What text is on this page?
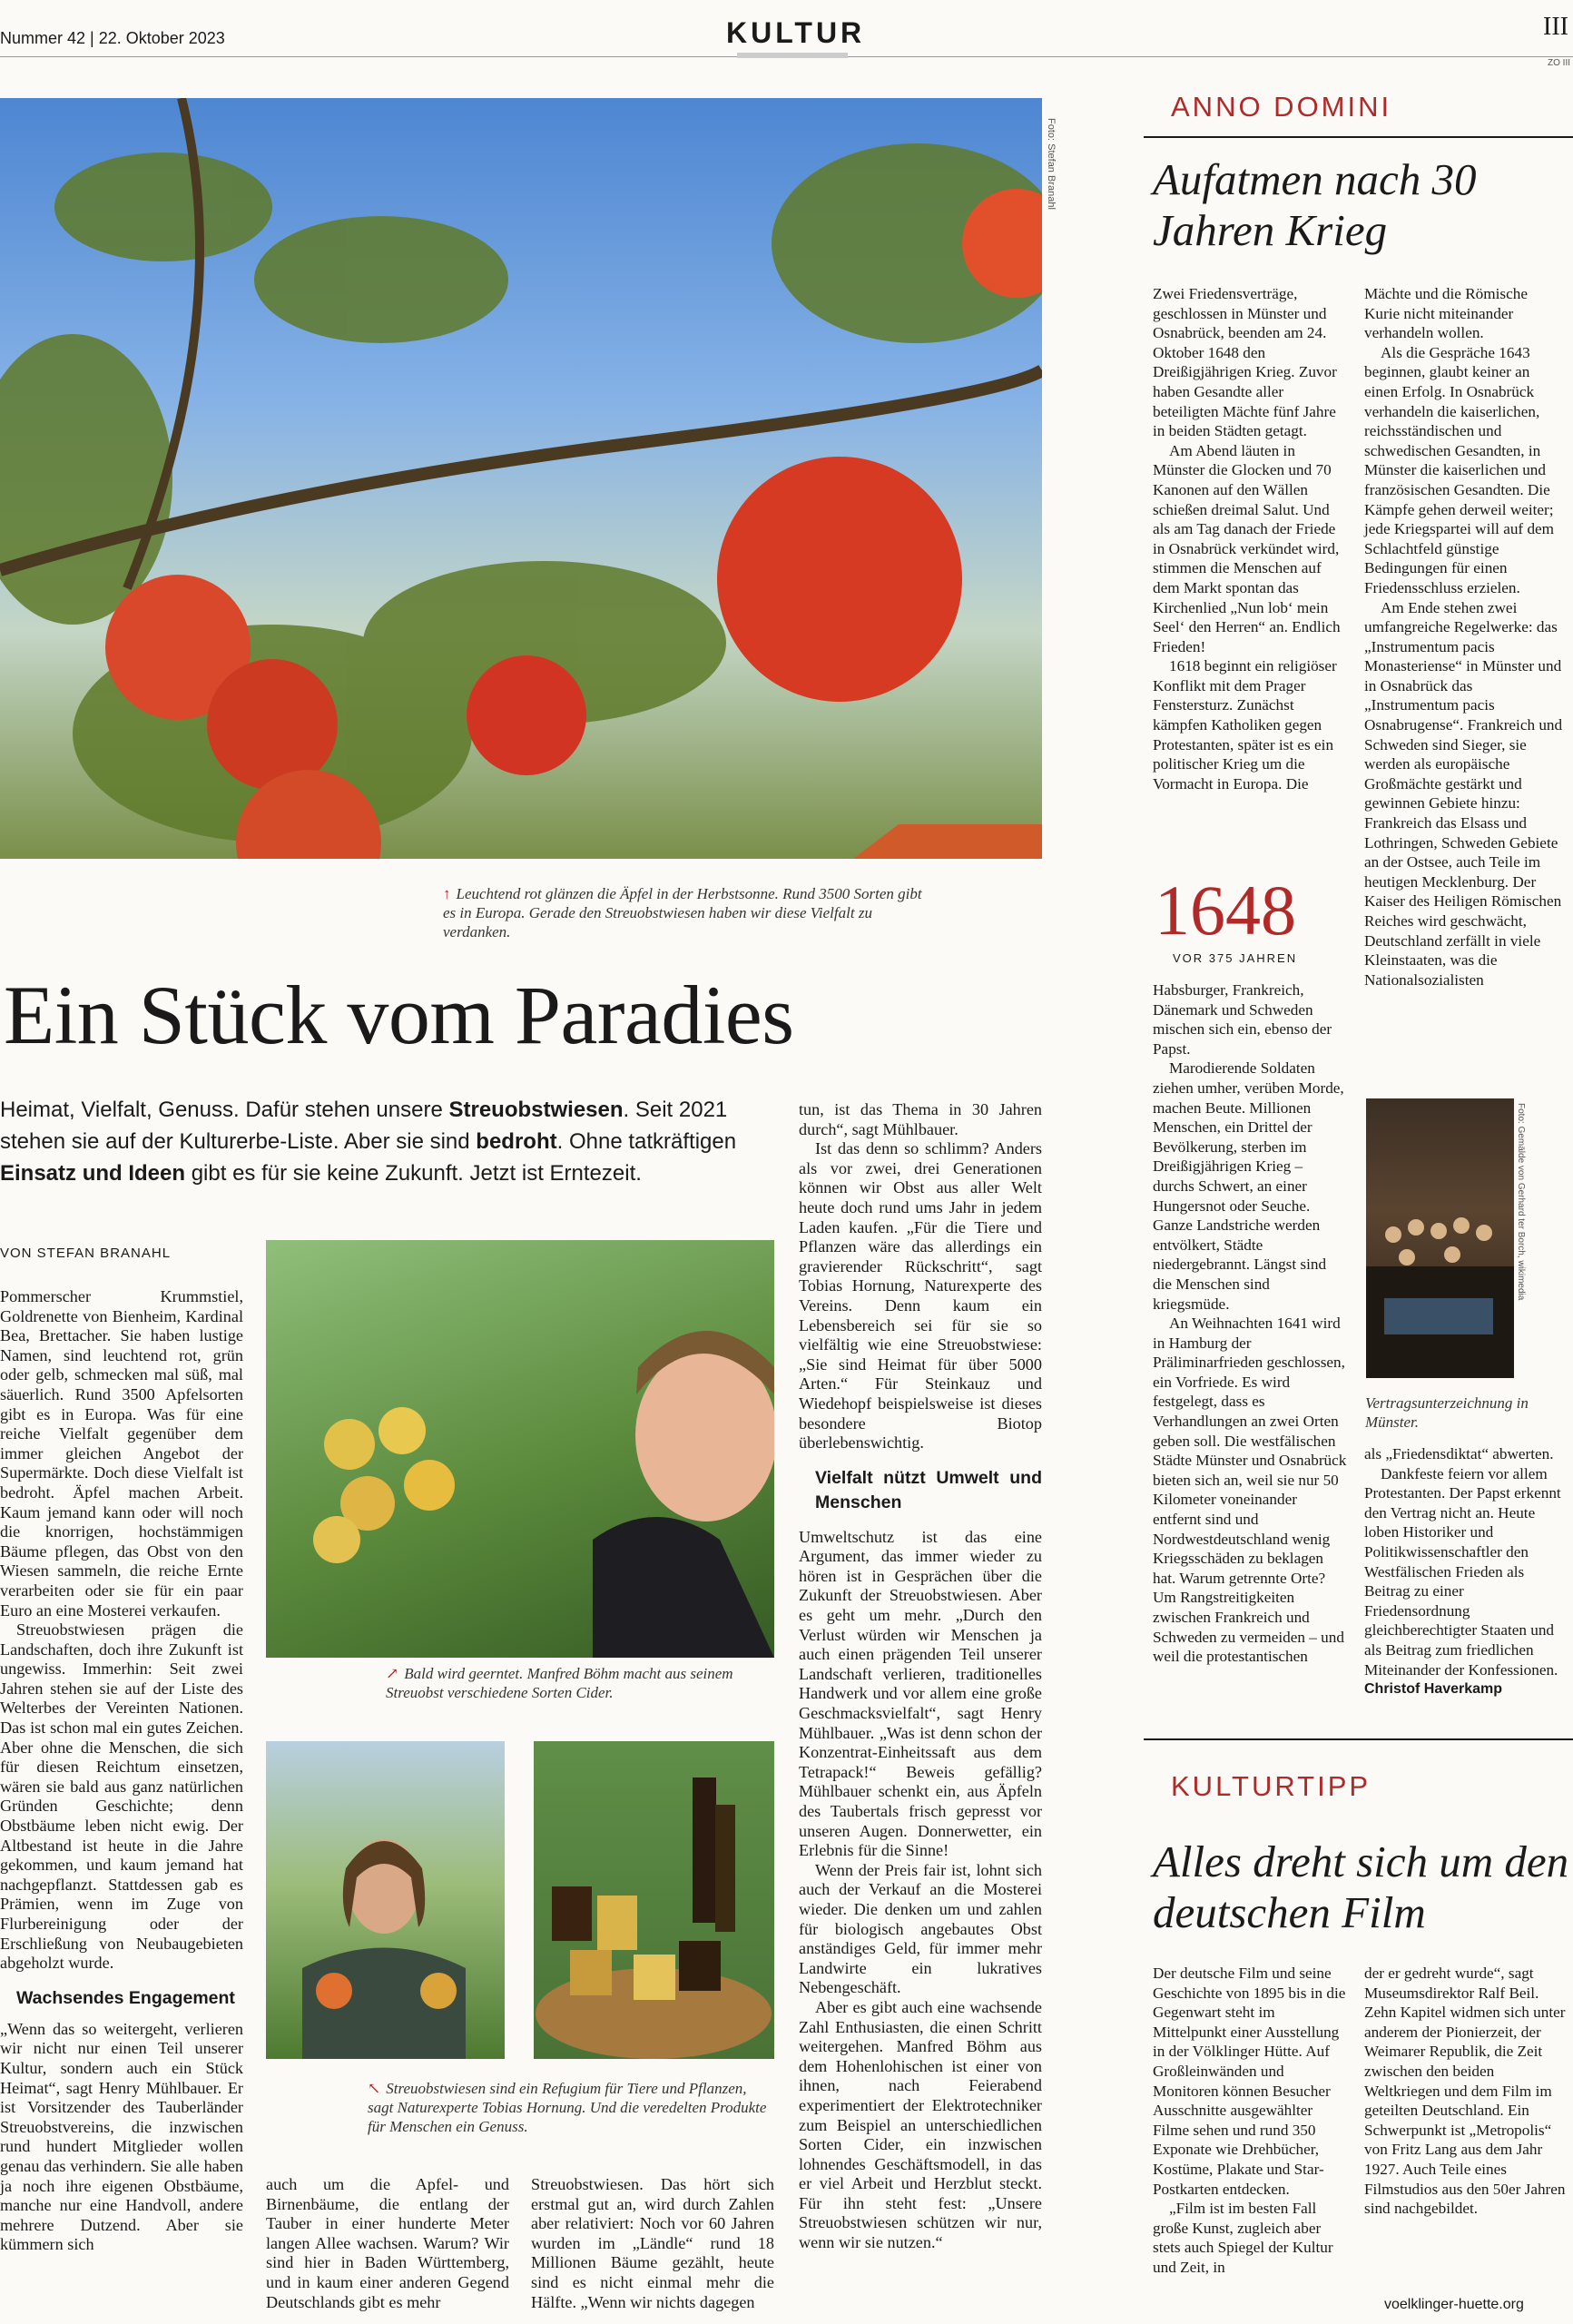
Nummer 42 | 22. Oktober 2023	KULTUR	III
ZO III
Foto: Stefan Branahl
↑ Leuchtend rot glänzen die Äpfel in der Herbstsonne. Rund 3500 Sorten gibt es in Europa. Gerade den Streuobstwiesen haben wir diese Vielfalt zu verdanken.
Ein Stück vom Paradies
Heimat, Vielfalt, Genuss. Dafür stehen unsere Streuobstwiesen. Seit 2021 stehen sie auf der Kulturerbe-Liste. Aber sie sind bedroht. Ohne tatkräftigen Einsatz und Ideen gibt es für sie keine Zukunft. Jetzt ist Erntezeit.
VON STEFAN BRANAHL

Pommerscher Krummstiel, Goldrenette von Bienheim, Kardinal Bea, Brettacher. Sie haben lustige Namen, sind leuchtend rot, grün oder gelb, schmecken mal süß, mal säuerlich. Rund 3500 Apfelsorten gibt es in Europa. Was für eine reiche Vielfalt gegenüber dem immer gleichen Angebot der Supermärkte. Doch diese Vielfalt ist bedroht. Äpfel machen Arbeit. Kaum jemand kann oder will noch die knorrigen, hochstämmigen Bäume pflegen, das Obst von den Wiesen sammeln, die reiche Ernte verarbeiten oder sie für ein paar Euro an eine Mosterei verkaufen.

Streuobstwiesen prägen die Landschaften, doch ihre Zukunft ist ungewiss. Immerhin: Seit zwei Jahren stehen sie auf der Liste des Welterbes der Vereinten Nationen. Das ist schon mal ein gutes Zeichen. Aber ohne die Menschen, die sich für diesen Reichtum einsetzen, wären sie bald aus ganz natürlichen Gründen Geschichte; denn Obstbäume leben nicht ewig. Der Altbestand ist heute in die Jahre gekommen, und kaum jemand hat nachgepflanzt. Stattdessen gab es Prämien, wenn im Zuge von Flurbereinigung oder der Erschließung von Neubaugebieten abgeholzt wurde.

Wachsendes Engagement

„Wenn das so weitergeht, verlieren wir nicht nur einen Teil unserer Kultur, sondern auch ein Stück Heimat“, sagt Henry Mühlbauer. Er ist Vorsitzender des Tauberländer Streuobstvereins, die inzwischen rund hundert Mitglieder wollen genau das verhindern. Sie alle haben ja noch ihre eigenen Obstbäume, manche nur eine Handvoll, andere mehrere Dutzend. Aber sie kümmern sich

↗ Bald wird geerntet. Manfred Böhm macht aus seinem Streuobst verschiedene Sorten Cider.
↖ Streuobstwiesen sind ein Refugium für Tiere und Pflanzen, sagt Naturexperte Tobias Hornung. Und die veredelten Produkte für Menschen ein Genuss.

auch um die Apfel- und Birnenbäume, die entlang der Tauber in einer hunderte Meter langen Allee wachsen. Warum? Wir sind hier in Baden Württemberg, und in kaum einer anderen Gegend Deutschlands gibt es mehr

Streuobstwiesen. Das hört sich erstmal gut an, wird durch Zahlen aber relativiert: Noch vor 60 Jahren wurden im „Ländle“ rund 18 Millionen Bäume gezählt, heute sind es nicht einmal mehr die Hälfte. „Wenn wir nichts dagegen

tun, ist das Thema in 30 Jahren durch“, sagt Mühlbauer.

Ist das denn so schlimm? Anders als vor zwei, drei Generationen können wir Obst aus aller Welt heute doch rund ums Jahr in jedem Laden kaufen. „Für die Tiere und Pflanzen wäre das allerdings ein gravierender Rückschritt“, sagt Tobias Hornung, Naturexperte des Vereins. Denn kaum ein Lebensbereich sei für sie so vielfältig wie eine Streuobstwiese: „Sie sind Heimat für über 5000 Arten.“ Für Steinkauz und Wiedehopf beispielsweise ist dieses besondere Biotop überlebenswichtig.

Vielfalt nützt Umwelt und Menschen

Umweltschutz ist das eine Argument, das immer wieder zu hören ist in Gesprächen über die Zukunft der Streuobstwiesen. Aber es geht um mehr. „Durch den Verlust würden wir Menschen ja auch einen prägenden Teil unserer Landschaft verlieren, traditionelles Handwerk und vor allem eine große Geschmacksvielfalt“, sagt Henry Mühlbauer. „Was ist denn schon der Konzentrat-Einheitssaft aus dem Tetrapack!“ Beweis gefällig? Mühlbauer schenkt ein, aus Äpfeln des Taubertals frisch gepresst vor unseren Augen. Donnerwetter, ein Erlebnis für die Sinne!

Wenn der Preis fair ist, lohnt sich auch der Verkauf an die Mosterei wieder. Die denken um und zahlen für biologisch angebautes Obst anständiges Geld, für immer mehr Landwirte ein lukratives Nebengeschäft.

Aber es gibt auch eine wachsende Zahl Enthusiasten, die einen Schritt weitergehen. Manfred Böhm aus dem Hohenlohischen ist einer von ihnen, nach Feierabend experimentiert der Elektrotechniker zum Beispiel an unterschiedlichen Sorten Cider, ein inzwischen lohnendes Geschäftsmodell, in das er viel Arbeit und Herzblut steckt. Für ihn steht fest: „Unsere Streuobstwiesen schützen wir nur, wenn wir sie nutzen.“

ANNO DOMINI
Aufatmen nach 30 Jahren Krieg

Zwei Friedensverträge, geschlossen in Münster und Osnabrück, beenden am 24. Oktober 1648 den Dreißigjährigen Krieg. Zuvor haben Gesandte aller beteiligten Mächte fünf Jahre in beiden Städten getagt.

Am Abend läuten in Münster die Glocken und 70 Kanonen auf den Wällen schießen dreimal Salut. Und als am Tag danach der Friede in Osnabrück verkündet wird, stimmen die Menschen auf dem Markt spontan das Kirchenlied „Nun lob‘ mein Seel‘ den Herren“ an. Endlich Frieden!

1618 beginnt ein religiöser Konflikt mit dem Prager Fenstersturz. Zunächst kämpfen Katholiken gegen Protestanten, später ist es ein politischer Krieg um die Vormacht in Europa. Die

1648
VOR 375 JAHREN

Habsburger, Frankreich, Dänemark und Schweden mischen sich ein, ebenso der Papst.

Marodierende Soldaten ziehen umher, verüben Morde, machen Beute. Millionen Menschen, ein Drittel der Bevölkerung, sterben im Dreißigjährigen Krieg – durchs Schwert, an einer Hungersnot oder Seuche. Ganze Landstriche werden entvölkert, Städte niedergebrannt. Längst sind die Menschen sind kriegsmüde.

An Weihnachten 1641 wird in Hamburg der Präliminarfrieden geschlossen, ein Vorfriede. Es wird festgelegt, dass es Verhandlungen an zwei Orten geben soll. Die westfälischen Städte Münster und Osnabrück bieten sich an, weil sie nur 50 Kilometer voneinander entfernt sind und Nordwestdeutschland wenig Kriegsschäden zu beklagen hat. Warum getrennte Orte? Um Rangstreitigkeiten zwischen Frankreich und Schweden zu vermeiden – und weil die protestantischen

Mächte und die Römische Kurie nicht miteinander verhandeln wollen.

Als die Gespräche 1643 beginnen, glaubt keiner an einen Erfolg. In Osnabrück verhandeln die kaiserlichen, reichsständischen und schwedischen Gesandten, in Münster die kaiserlichen und französischen Gesandten. Die Kämpfe gehen derweil weiter; jede Kriegspartei will auf dem Schlachtfeld günstige Bedingungen für einen Friedensschluss erzielen.

Am Ende stehen zwei umfangreiche Regelwerke: das „Instrumentum pacis Monasteriense“ in Münster und in Osnabrück das „Instrumentum pacis Osnabrugense“. Frankreich und Schweden sind Sieger, sie werden als europäische Großmächte gestärkt und gewinnen Gebiete hinzu: Frankreich das Elsass und Lothringen, Schweden Gebiete an der Ostsee, auch Teile im heutigen Mecklenburg. Der Kaiser des Heiligen Römischen Reiches wird geschwächt, Deutschland zerfällt in viele Kleinstaaten, was die Nationalsozialisten

Foto: Gemälde von Gerhard ter Borch, wikimedia
Vertragsunterzeichnung in Münster.

als „Friedensdiktat“ abwerten.

Dankfeste feiern vor allem Protestanten. Der Papst erkennt den Vertrag nicht an. Heute loben Historiker und Politikwissenschaftler den Westfälischen Frieden als Beitrag zu einer Friedensordnung gleichberechtigter Staaten und als Beitrag zum friedlichen Miteinander der Konfessionen.

Christof Haverkamp
KULTURTIPP
Alles dreht sich um den deutschen Film

Der deutsche Film und seine Geschichte von 1895 bis in die Gegenwart steht im Mittelpunkt einer Ausstellung in der Völklinger Hütte. Auf Großleinwänden und Monitoren können Besucher Ausschnitte ausgewählter Filme sehen und rund 350 Exponate wie Drehbücher, Kostüme, Plakate und Star-Postkarten entdecken.

„Film ist im besten Fall große Kunst, zugleich aber stets auch Spiegel der Kultur und Zeit, in

der er gedreht wurde“, sagt Museumsdirektor Ralf Beil. Zehn Kapitel widmen sich unter anderem der Pionierzeit, der Weimarer Republik, die Zeit zwischen den beiden Weltkriegen und dem Film im geteilten Deutschland. Ein Schwerpunkt ist „Metropolis“ von Fritz Lang aus dem Jahr 1927. Auch Teile eines Filmstudios aus den 50er Jahren sind nachgebildet.

voelklinger-huette.org
